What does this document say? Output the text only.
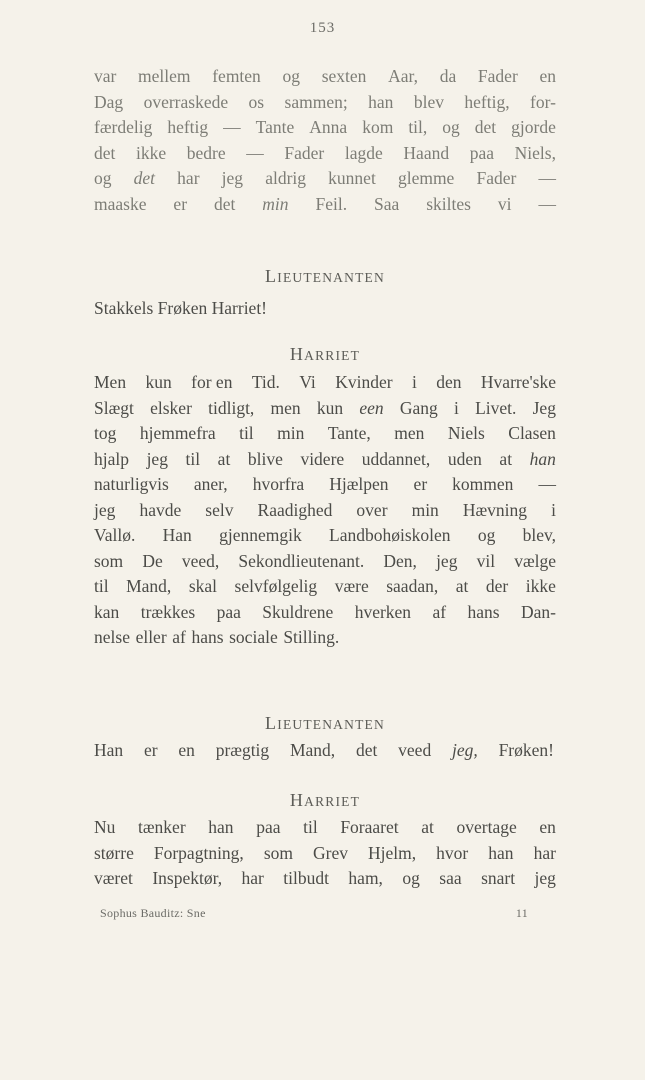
153
var mellem femten og sexten Aar, da Fader en
Dag overraskede os sammen; han blev heftig, for-
færdelig heftig — Tante Anna kom til, og det gjorde
det ikke bedre — Fader lagde Haand paa Niels,
og det har jeg aldrig kunnet glemme Fader —
maaske er det min Feil. Saa skiltes vi —
LIEUTENANTEN
Stakkels Frøken Harriet!
HARRIET
Men kun for en Tid. Vi Kvinder i den Hvarre'ske
Slægt elsker tidligt, men kun een Gang i Livet. Jeg
tog hjemmefra til min Tante, men Niels Clasen
hjalp jeg til at blive videre uddannet, uden at han
naturligvis aner, hvorfra Hjælpen er kommen —
jeg havde selv Raadighed over min Hævning i
Vallø. Han gjennemgik Landbohøiskolen og blev,
som De veed, Sekondlieutenant. Den, jeg vil vælge
til Mand, skal selvfølgelig være saadan, at der ikke
kan trækkes paa Skuldrene hverken af hans Dan-
nelse eller af hans sociale Stilling.
LIEUTENANTEN
Han er en prægtig Mand, det veed jeg, Frøken!
HARRIET
Nu tænker han paa til Foraaret at overtage en
større Forpagtning, som Grev Hjelm, hvor han har
været Inspektør, har tilbudt ham, og saa snart jeg
Sophus Bauditz: Sne	11
